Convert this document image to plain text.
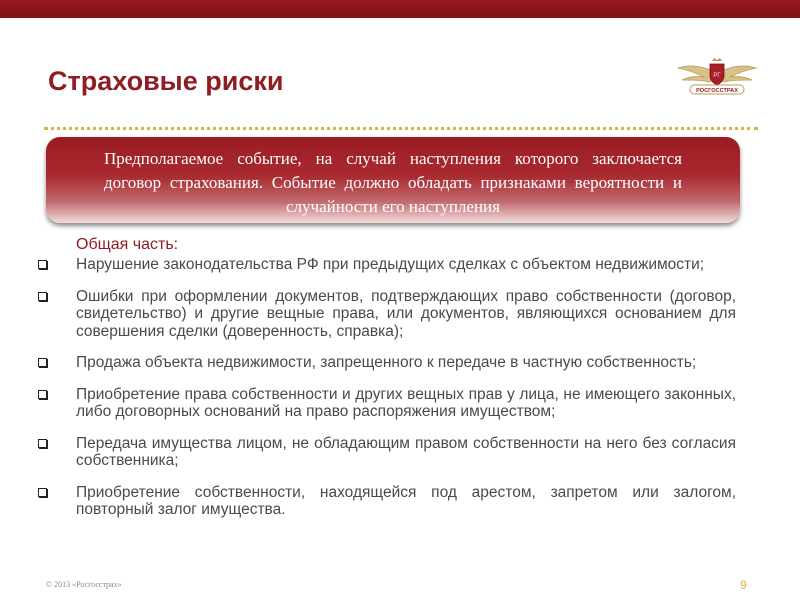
Страховые риски	РГ
РОСГОССТРАХ

Предполагаемое событие, на случай наступления которого заключается договор страхования. Событие должно обладать признаками вероятности и случайности его наступления

Общая часть:
Нарушение законодательства РФ при предыдущих сделках с объектом недвижимости;
Ошибки при оформлении документов, подтверждающих право собственности (договор, свидетельство) и другие вещные права, или документов, являющихся основанием для совершения сделки (доверенность, справка);
Продажа объекта недвижимости, запрещенного к передаче в частную собственность;
Приобретение права собственности и других вещных прав у лица, не имеющего законных, либо договорных оснований на право распоряжения имуществом;
Передача имущества лицом, не обладающим правом собственности на него без согласия собственника;
Приобретение собственности, находящейся под арестом, запретом или залогом, повторный залог имущества.
© 2013 «Росгосстрах»	9
